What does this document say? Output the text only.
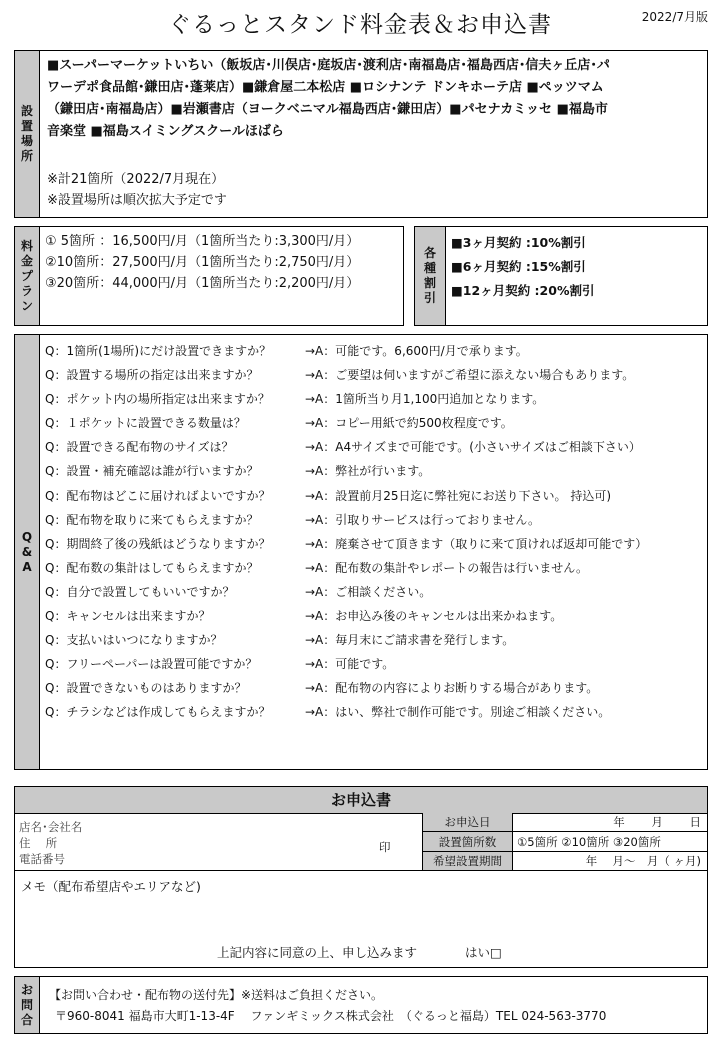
ぐるっとスタンド料金表＆お申込書	2022/7月版
設置場所
■スーパーマーケットいちい（飯坂店･川俣店･庭坂店･渡利店･南福島店･福島西店･信夫ヶ丘店･パ
ワーデポ食品館･鎌田店･蓬莱店）■鎌倉屋二本松店 ■ロシナンテ ドンキホーテ店 ■ペッツマム
（鎌田店･南福島店）■岩瀬書店（ヨークベニマル福島西店･鎌田店）■パセナカミッセ ■福島市
音楽堂 ■福島スイミングスクールほばら
※計21箇所（2022/7月現在）
※設置場所は順次拡大予定です
料金プラン
① 5箇所 ：16,500円/月（1箇所当たり:3,300円/月）
②10箇所：27,500円/月（1箇所当たり:2,750円/月）
③20箇所：44,000円/月（1箇所当たり:2,200円/月）
各種割引
■3ヶ月契約 :10%割引
■6ヶ月契約 :15%割引
■12ヶ月契約 :20%割引
Q&A
Q：1箇所(1場所)にだけ設置できますか？	→A：可能です。6,600円/月で承ります。
Q：設置する場所の指定は出来ますか？	→A：ご要望は伺いますがご希望に添えない場合もあります。
Q：ポケット内の場所指定は出来ますか？	→A：1箇所当り月1,100円追加となります。
Q：１ポケットに設置できる数量は？	→A：コピー用紙で約500枚程度です。
Q：設置できる配布物のサイズは？	→A：A4サイズまで可能です。(小さいサイズはご相談下さい）
Q：設置・補充確認は誰が行いますか？	→A：弊社が行います。
Q：配布物はどこに届ければよいですか？	→A：設置前月25日迄に弊社宛にお送り下さい。 持込可)
Q：配布物を取りに来てもらえますか？	→A：引取りサービスは行っておりません。
Q：期間終了後の残紙はどうなりますか？	→A：廃棄させて頂きます（取りに来て頂ければ返却可能です）
Q：配布数の集計はしてもらえますか？	→A：配布数の集計やレポートの報告は行いません。
Q：自分で設置してもいいですか？	→A：ご相談ください。
Q：キャンセルは出来ますか？	→A：お申込み後のキャンセルは出来かねます。
Q：支払いはいつになりますか？	→A：毎月末にご請求書を発行します。
Q：フリーペーパーは設置可能ですか？	→A：可能です。
Q：設置できないものはありますか？	→A：配布物の内容によりお断りする場合があります。
Q：チラシなどは作成してもらえますか？	→A：はい、弊社で制作可能です。別途ご相談ください。
お申込書
店名･会社名
住　 所
電話番号
印
お申込日	年　　 月　　 日
設置箇所数	①5箇所 ②10箇所 ③20箇所
希望設置期間	年　 月～　月（ ヶ月)
メモ（配布希望店やエリアなど)
上記内容に同意の上、申し込みます	はい□
お問合
【お問い合わせ・配布物の送付先】※送料はご負担ください。
〒960-8041 福島市大町1-13-4F　 ファンギミックス株式会社　（ぐるっと福島）TEL 024-563-3770
